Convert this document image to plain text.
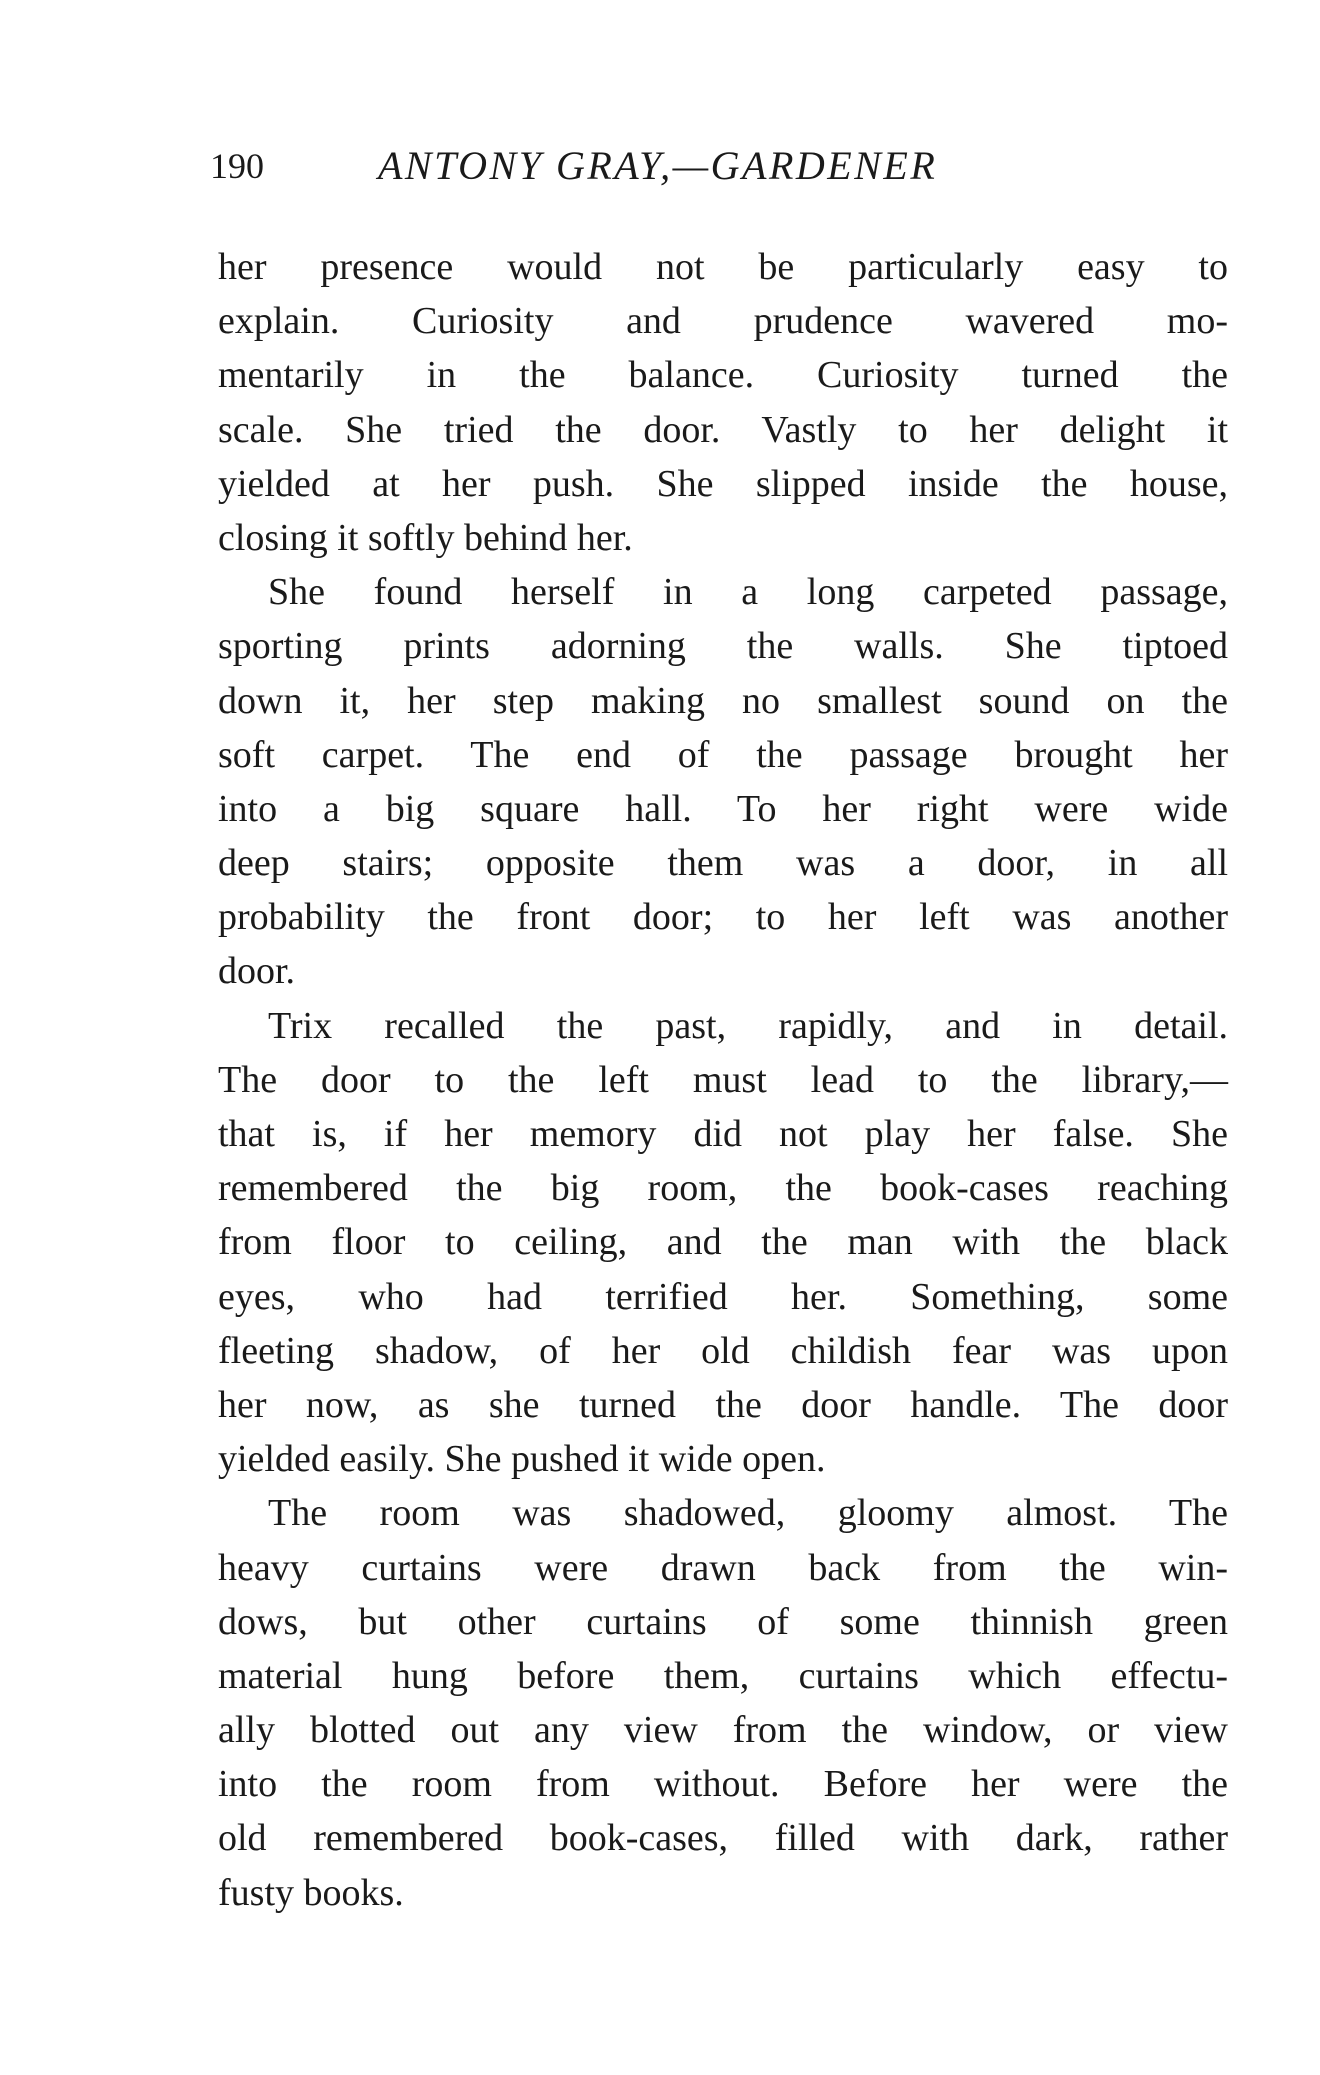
190	ANTONY GRAY,—GARDENER
her presence would not be particularly easy to
explain. Curiosity and prudence wavered mo-
mentarily in the balance. Curiosity turned the
scale. She tried the door. Vastly to her delight it
yielded at her push. She slipped inside the house,
closing it softly behind her.
She found herself in a long carpeted passage,
sporting prints adorning the walls. She tiptoed
down it, her step making no smallest sound on the
soft carpet. The end of the passage brought her
into a big square hall. To her right were wide
deep stairs; opposite them was a door, in all
probability the front door; to her left was another
door.
Trix recalled the past, rapidly, and in detail.
The door to the left must lead to the library,—
that is, if her memory did not play her false. She
remembered the big room, the book-cases reaching
from floor to ceiling, and the man with the black
eyes, who had terrified her. Something, some
fleeting shadow, of her old childish fear was upon
her now, as she turned the door handle. The door
yielded easily. She pushed it wide open.
The room was shadowed, gloomy almost. The
heavy curtains were drawn back from the win-
dows, but other curtains of some thinnish green
material hung before them, curtains which effectu-
ally blotted out any view from the window, or view
into the room from without. Before her were the
old remembered book-cases, filled with dark, rather
fusty books.
